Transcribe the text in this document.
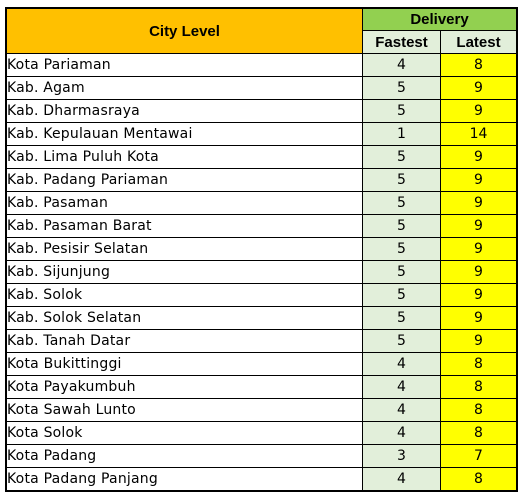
City Level	Delivery	
	Fastest	Latest
Kota Pariaman	4	8
Kab. Agam	5	9
Kab. Dharmasraya	5	9
Kab. Kepulauan Mentawai	1	14
Kab. Lima Puluh Kota	5	9
Kab. Padang Pariaman	5	9
Kab. Pasaman	5	9
Kab. Pasaman Barat	5	9
Kab. Pesisir Selatan	5	9
Kab. Sijunjung	5	9
Kab. Solok	5	9
Kab. Solok Selatan	5	9
Kab. Tanah Datar	5	9
Kota Bukittinggi	4	8
Kota Payakumbuh	4	8
Kota Sawah Lunto	4	8
Kota Solok	4	8
Kota Padang	3	7
Kota Padang Panjang	4	8
